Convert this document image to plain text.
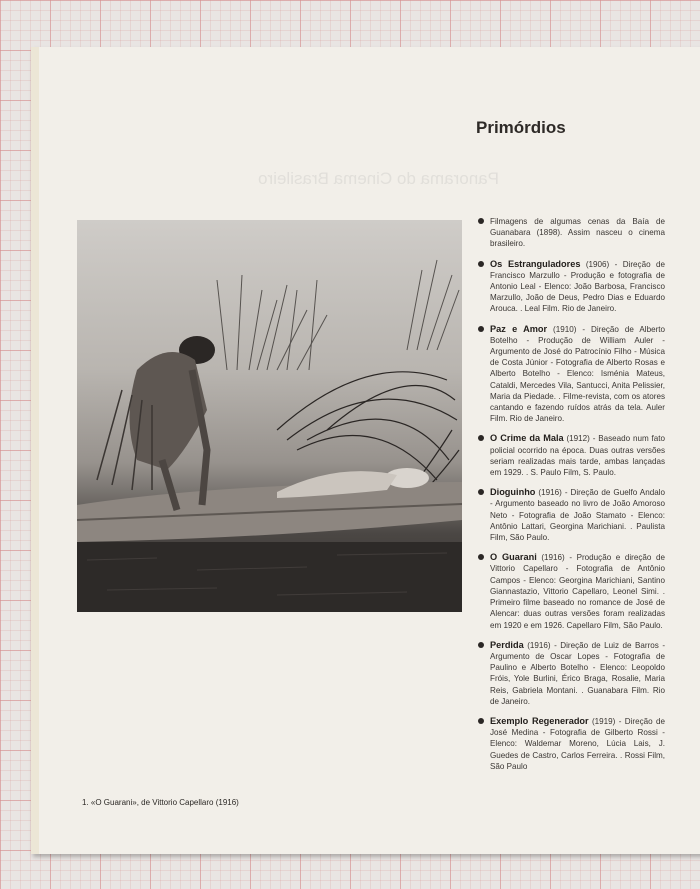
Panorama do Cinema Brasileiro
Primórdios
1. «O Guarani», de Vittorio Capellaro (1916)
Filmagens de algumas cenas da Baía de Guanabara (1898). Assim nasceu o cinema brasileiro.
Os Estranguladores (1906) - Direção de Francisco Marzullo - Produção e fotografia de Antonio Leal - Elenco: João Barbosa, Francisco Marzullo, João de Deus, Pedro Dias e Eduardo Arouca. . Leal Film. Rio de Janeiro.
Paz e Amor (1910) - Direção de Alberto Botelho - Produção de William Auler - Argumento de José do Patrocínio Filho - Música de Costa Júnior - Fotografia de Alberto Rosas e Alberto Botelho - Elenco: Isménia Mateus, Cataldi, Mercedes Vila, Santucci, Anita Pelissier, Maria da Piedade. . Filme-revista, com os atores cantando e fazendo ruídos atrás da tela. Auler Film. Rio de Janeiro.
O Crime da Mala (1912) - Baseado num fato policial ocorrido na época. Duas outras versões seriam realizadas mais tarde, ambas lançadas em 1929. . S. Paulo Film, S. Paulo.
Dioguinho (1916) - Direção de Guelfo Andalo - Argumento baseado no livro de João Amoroso Neto - Fotografia de João Stamato - Elenco: Antônio Lattari, Georgina Marichiani. . Paulista Film, São Paulo.
O Guarani (1916) - Produção e direção de Vittorio Capellaro - Fotografia de Antônio Campos - Elenco: Georgina Marichiani, Santino Giannastazio, Vittorio Capellaro, Leonel Simi. . Primeiro filme baseado no romance de José de Alencar: duas outras versões foram realizadas em 1920 e em 1926. Capellaro Film, São Paulo.
Perdida (1916) - Direção de Luiz de Barros - Argumento de Oscar Lopes - Fotografia de Paulino e Alberto Botelho - Elenco: Leopoldo Fróis, Yole Burlini, Érico Braga, Rosalie, Maria Reis, Gabriela Montani. . Guanabara Film. Rio de Janeiro.
Exemplo Regenerador (1919) - Direção de José Medina - Fotografia de Gilberto Rossi - Elenco: Waldemar Moreno, Lúcia Lais, J. Guedes de Castro, Carlos Ferreira. . Rossi Film, São Paulo
